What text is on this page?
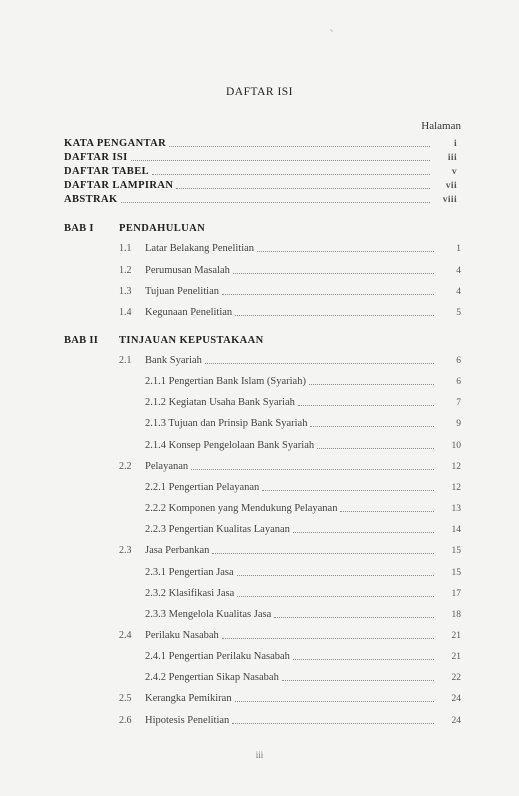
DAFTAR ISI
Halaman
KATA PENGANTAR	i
DAFTAR ISI	iii
DAFTAR TABEL	v
DAFTAR LAMPIRAN	vii
ABSTRAK	viii
BAB I PENDAHULUAN
1.1 Latar Belakang Penelitian	1
1.2 Perumusan Masalah	4
1.3 Tujuan Penelitian	4
1.4 Kegunaan Penelitian	5
BAB II TINJAUAN KEPUSTAKAAN
2.1 Bank Syariah	6
2.1.1 Pengertian Bank Islam (Syariah)	6
2.1.2 Kegiatan Usaha Bank Syariah	7
2.1.3 Tujuan dan Prinsip Bank Syariah	9
2.1.4 Konsep Pengelolaan Bank Syariah	10
2.2 Pelayanan	12
2.2.1 Pengertian Pelayanan	12
2.2.2 Komponen yang Mendukung Pelayanan	13
2.2.3 Pengertian Kualitas Layanan	14
2.3 Jasa Perbankan	15
2.3.1 Pengertian Jasa	15
2.3.2 Klasifikasi Jasa	17
2.3.3 Mengelola Kualitas Jasa	18
2.4 Perilaku Nasabah	21
2.4.1 Pengertian Perilaku Nasabah	21
2.4.2 Pengertian Sikap Nasabah	22
2.5 Kerangka Pemikiran	24
2.6 Hipotesis Penelitian	24
iii
